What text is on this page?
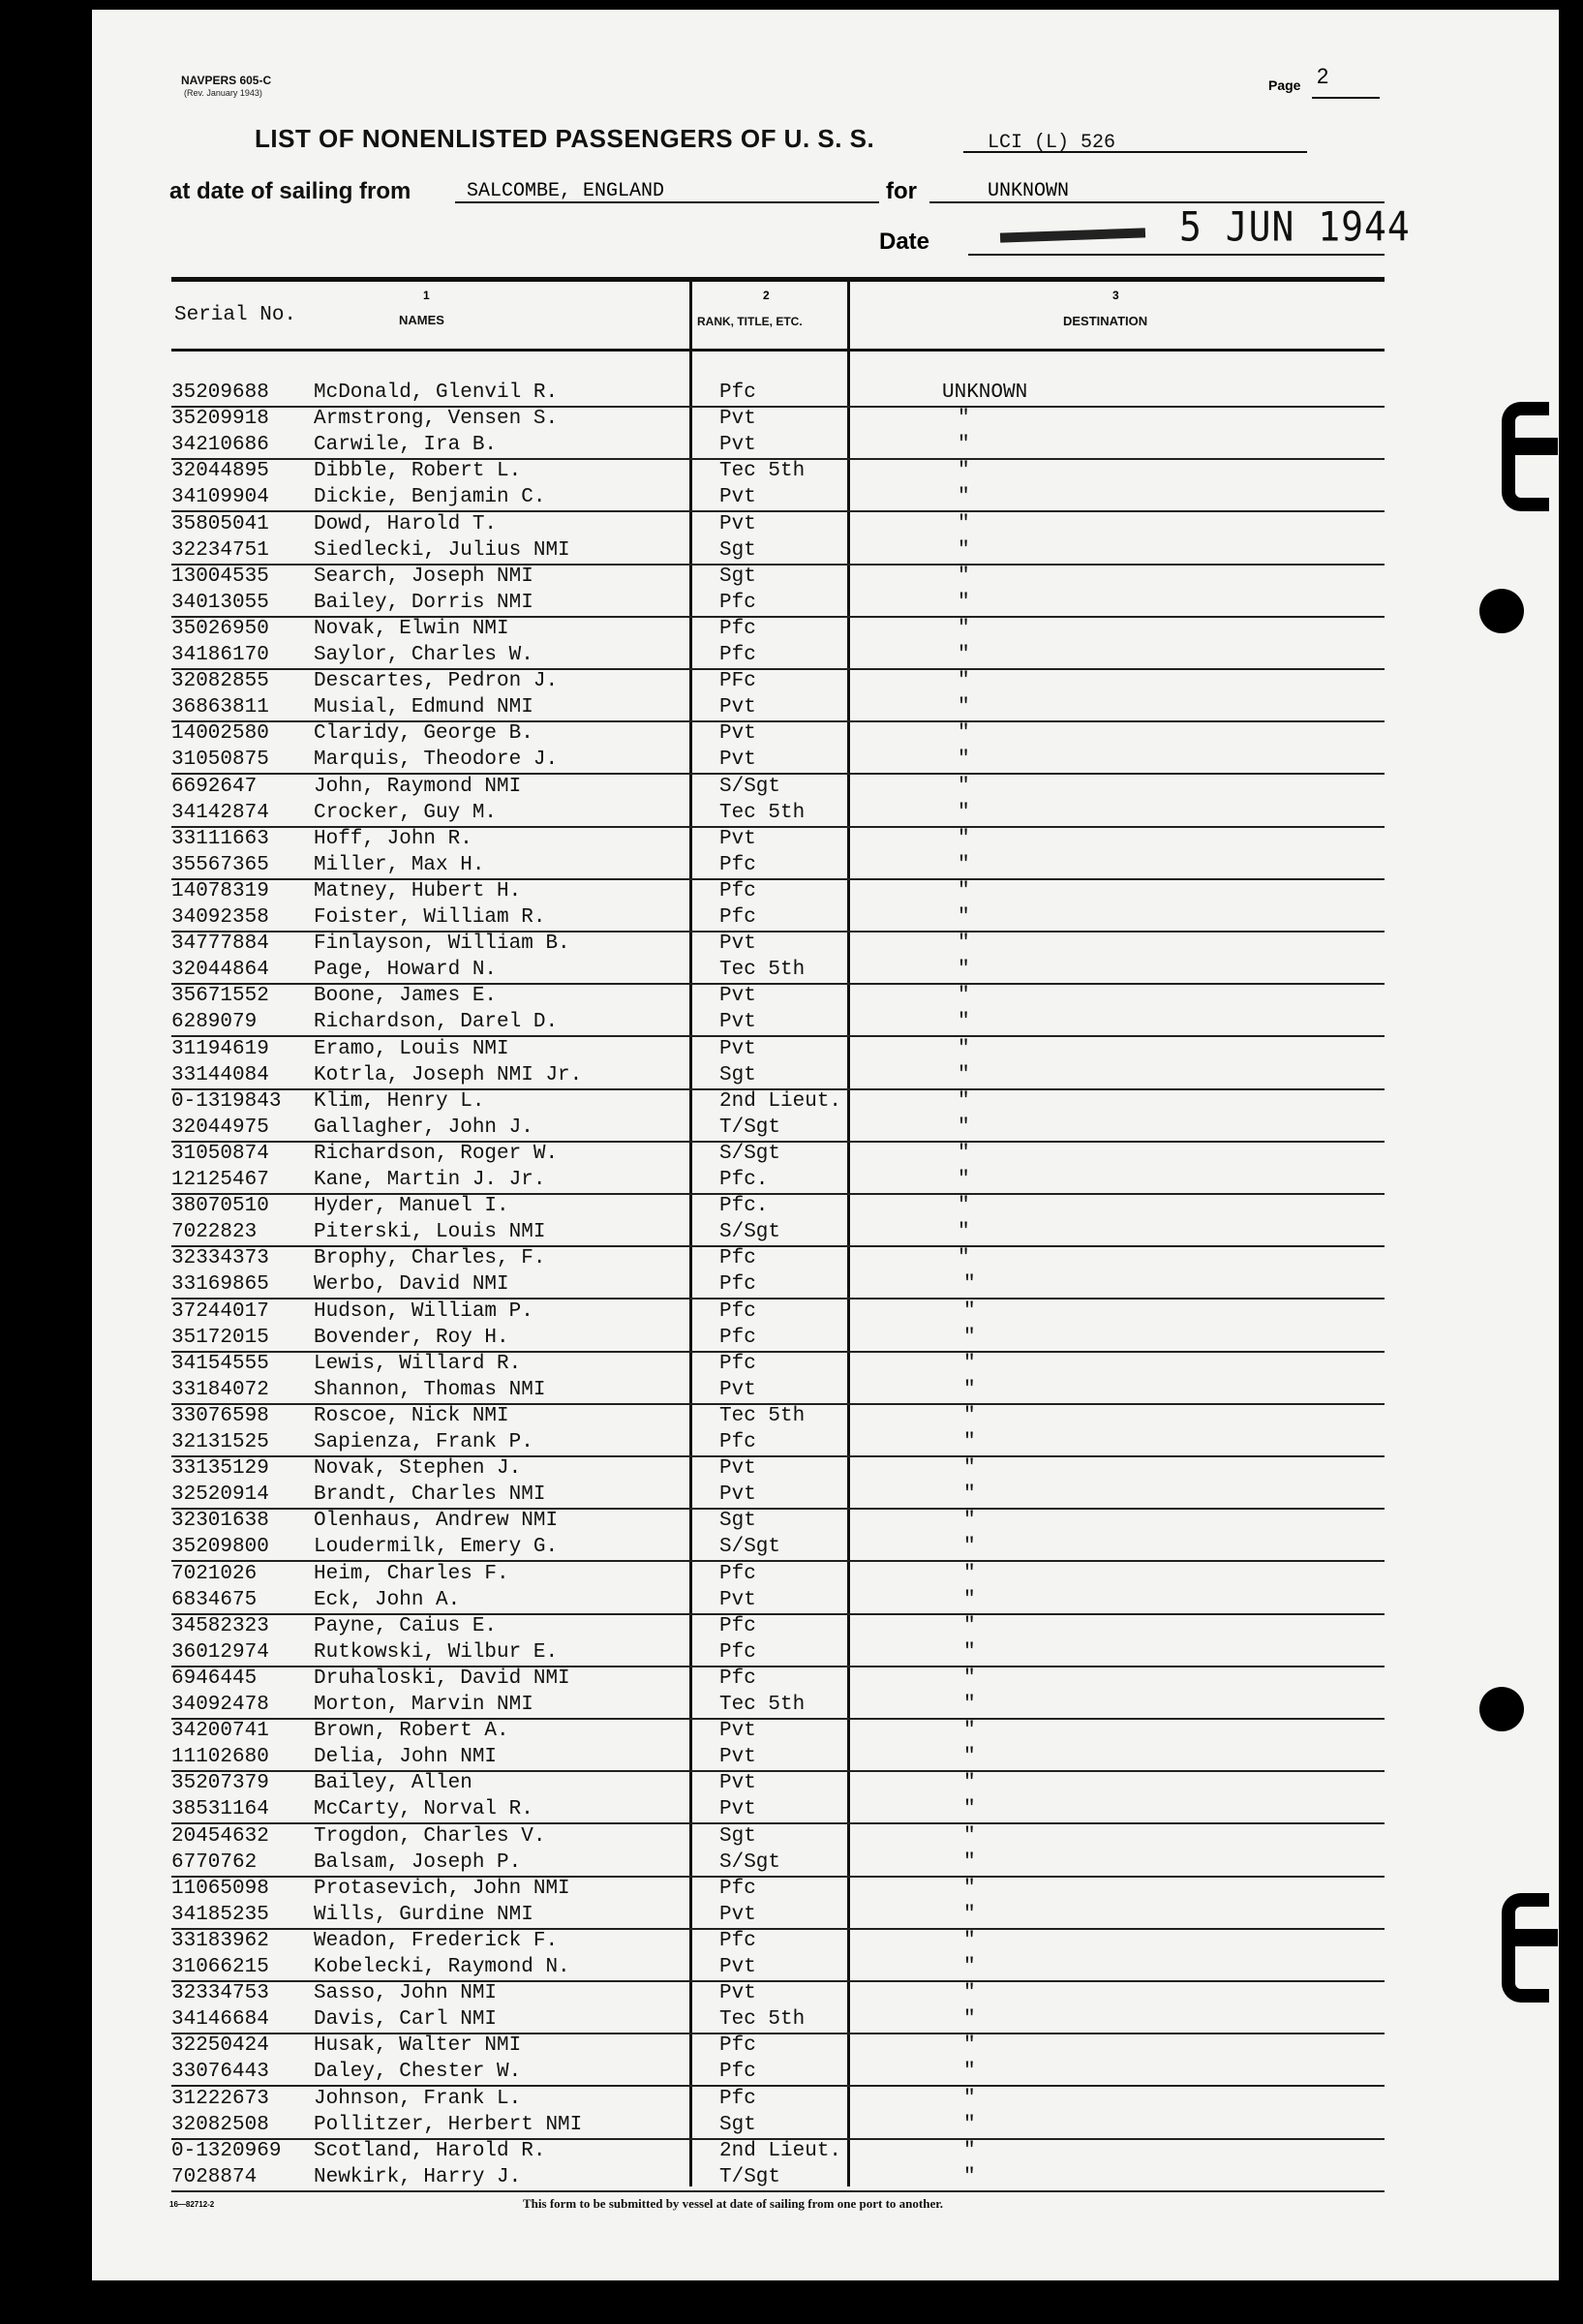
NAVPERS 605-C
(Rev. January 1943)	Page 2
LIST OF NONENLISTED PASSENGERS OF U. S. S.	LCI (L) 526
at date of sailing from	SALCOMBE, ENGLAND	for	UNKNOWN
Date	5 JUN 1944
Serial No.
1
NAMES
2
RANK, TITLE, ETC.
3
DESTINATION
35209688 McDonald, Glenvil R.	Pfc	UNKNOWN
35209918 Armstrong, Vensen S.	Pvt	"
34210686 Carwile, Ira B.	Pvt	"
32044895 Dibble, Robert L.	Tec 5th	"
34109904 Dickie, Benjamin C.	Pvt	"
35805041 Dowd, Harold T.	Pvt	"
32234751 Siedlecki, Julius NMI	Sgt	"
13004535 Search, Joseph NMI	Sgt	"
34013055 Bailey, Dorris NMI	Pfc	"
35026950 Novak, Elwin NMI	Pfc	"
34186170 Saylor, Charles W.	Pfc	"
32082855 Descartes, Pedron J.	PFc	"
36863811 Musial, Edmund NMI	Pvt	"
14002580 Claridy, George B.	Pvt	"
31050875 Marquis, Theodore J.	Pvt	"
6692647	John, Raymond NMI	S/Sgt	"
34142874 Crocker, Guy M.	Tec 5th	"
33111663 Hoff, John R.	Pvt	"
35567365 Miller, Max H.	Pfc	"
14078319 Matney, Hubert H.	Pfc	"
34092358 Foister, William R.	Pfc	"
34777884 Finlayson, William B.	Pvt	"
32044864 Page, Howard N.	Tec 5th	"
35671552 Boone, James E.	Pvt	"
6289079	Richardson, Darel D.	Pvt	"
31194619 Eramo, Louis NMI	Pvt	"
33144084 Kotrla, Joseph NMI Jr.	Sgt	"
0-1319843 Klim, Henry L.	2nd Lieut.	"
32044975 Gallagher, John J.	T/Sgt	"
31050874 Richardson, Roger W.	S/Sgt	"
12125467 Kane, Martin J. Jr.	Pfc.	"
38070510 Hyder, Manuel I.	Pfc.	"
7022823	Piterski, Louis NMI	S/Sgt	"
32334373 Brophy, Charles, F.	Pfc	"
33169865 Werbo, David NMI	Pfc	"
37244017 Hudson, William P.	Pfc	"
35172015 Bovender, Roy H.	Pfc	"
34154555 Lewis, Willard R.	Pfc	"
33184072 Shannon, Thomas NMI	Pvt	"
33076598 Roscoe, Nick NMI	Tec 5th	"
32131525 Sapienza, Frank P.	Pfc	"
33135129 Novak, Stephen J.	Pvt	"
32520914 Brandt, Charles NMI	Pvt	"
32301638 Olenhaus, Andrew NMI	Sgt	"
35209800 Loudermilk, Emery G.	S/Sgt	"
7021026	Heim, Charles F.	Pfc	"
6834675	Eck, John A.	Pvt	"
34582323 Payne, Caius E.	Pfc	"
36012974 Rutkowski, Wilbur E.	Pfc	"
6946445	Druhaloski, David NMI	Pfc	"
34092478 Morton, Marvin NMI	Tec 5th	"
34200741 Brown, Robert A.	Pvt	"
11102680 Delia, John NMI	Pvt	"
35207379 Bailey, Allen	Pvt	"
38531164 McCarty, Norval R.	Pvt	"
20454632 Trogdon, Charles V.	Sgt	"
6770762	Balsam, Joseph P.	S/Sgt	"
11065098 Protasevich, John NMI	Pfc	"
34185235 Wills, Gurdine NMI	Pvt	"
33183962 Weadon, Frederick F.	Pfc	"
31066215 Kobelecki, Raymond N.	Pvt	"
32334753 Sasso, John NMI	Pvt	"
34146684 Davis, Carl NMI	Tec 5th	"
32250424 Husak, Walter NMI	Pfc	"
33076443 Daley, Chester W.	Pfc	"
31222673 Johnson, Frank L.	Pfc	"
32082508 Pollitzer, Herbert NMI	Sgt	"
0-1320969 Scotland, Harold R.	2nd Lieut.	"
7028874	Newkirk, Harry J.	T/Sgt	"
16—82712-2	This form to be submitted by vessel at date of sailing from one port to another.
